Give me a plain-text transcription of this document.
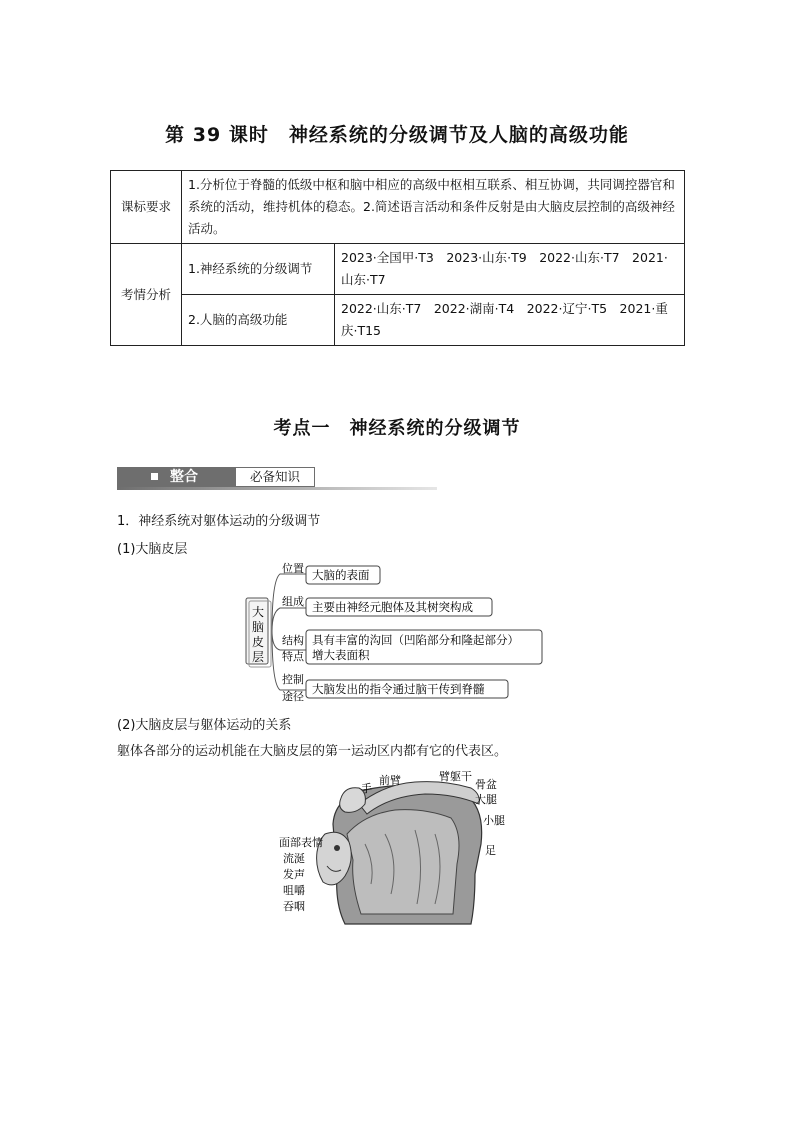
第 39 课时　神经系统的分级调节及人脑的高级功能
课标要求	1.分析位于脊髓的低级中枢和脑中相应的高级中枢相互联系、相互协调，共同调控器官和系统的活动，维持机体的稳态。2.简述语言活动和条件反射是由大脑皮层控制的高级神经活动。	
考情分析	1.神经系统的分级调节	2023·全国甲·T3　2023·山东·T9　2022·山东·T7　2021·山东·T7
	2.人脑的高级功能	2022·山东·T7　2022·湖南·T4　2022·辽宁·T5　2021·重庆·T15
考点一　神经系统的分级调节
整合	必备知识
1．神经系统对躯体运动的分级调节
(1)大脑皮层
大
脑
皮
层
位置
组成
结构
特点
控制
途径
大脑的表面
主要由神经元胞体及其树突构成
具有丰富的沟回（凹陷部分和隆起部分）
增大表面积
大脑发出的指令通过脑干传到脊髓
(2)大脑皮层与躯体运动的关系
躯体各部分的运动机能在大脑皮层的第一运动区内都有它的代表区。
手
前臂	臂躯干
骨盆
大腿
小腿
足
面部表情
流涎
发声
咀嚼
吞咽
